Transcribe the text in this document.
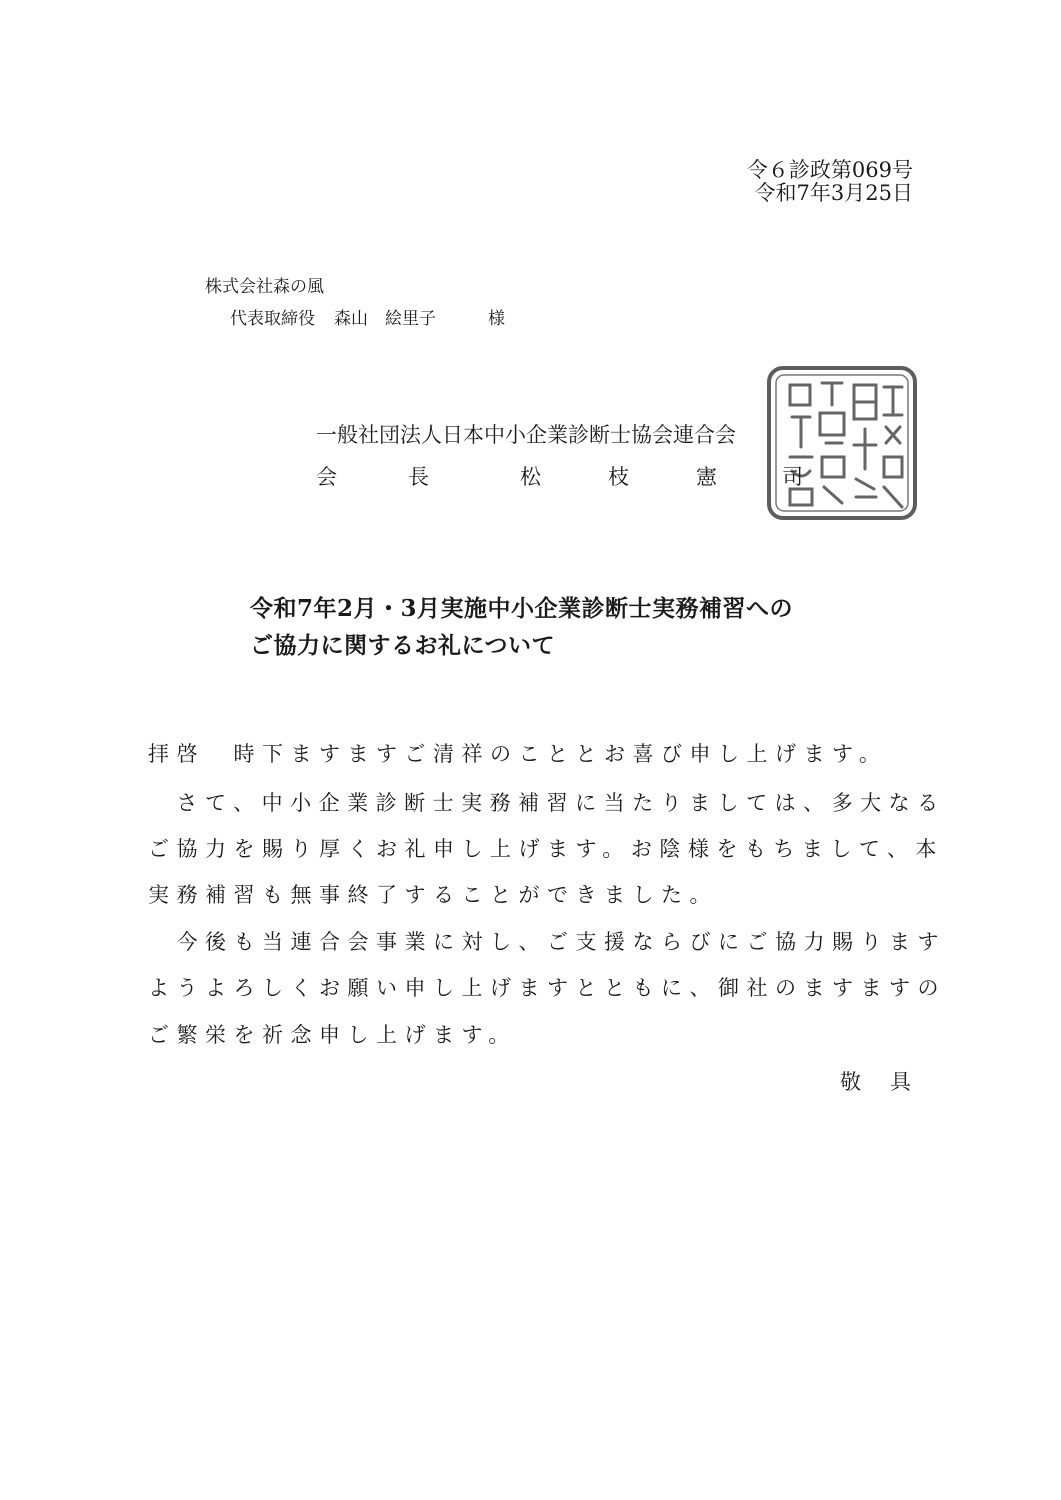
令６診政第069号
令和7年3月25日
株式会社森の風
代表取締役 森山　絵里子	様
一般社団法人日本中小企業診断士協会連合会
会	長	松	枝	憲	司
令和7年2月・3月実施中小企業診断士実務補習への
ご協力に関するお礼について
拝啓　時下ますますご清祥のこととお喜び申し上げます。
　さて、中小企業診断士実務補習に当たりましては、多大なる
ご協力を賜り厚くお礼申し上げます。お陰様をもちまして、本
実務補習も無事終了することができました。
　今後も当連合会事業に対し、ご支援ならびにご協力賜ります
ようよろしくお願い申し上げますとともに、御社のますますの
ご繁栄を祈念申し上げます。
敬　具
